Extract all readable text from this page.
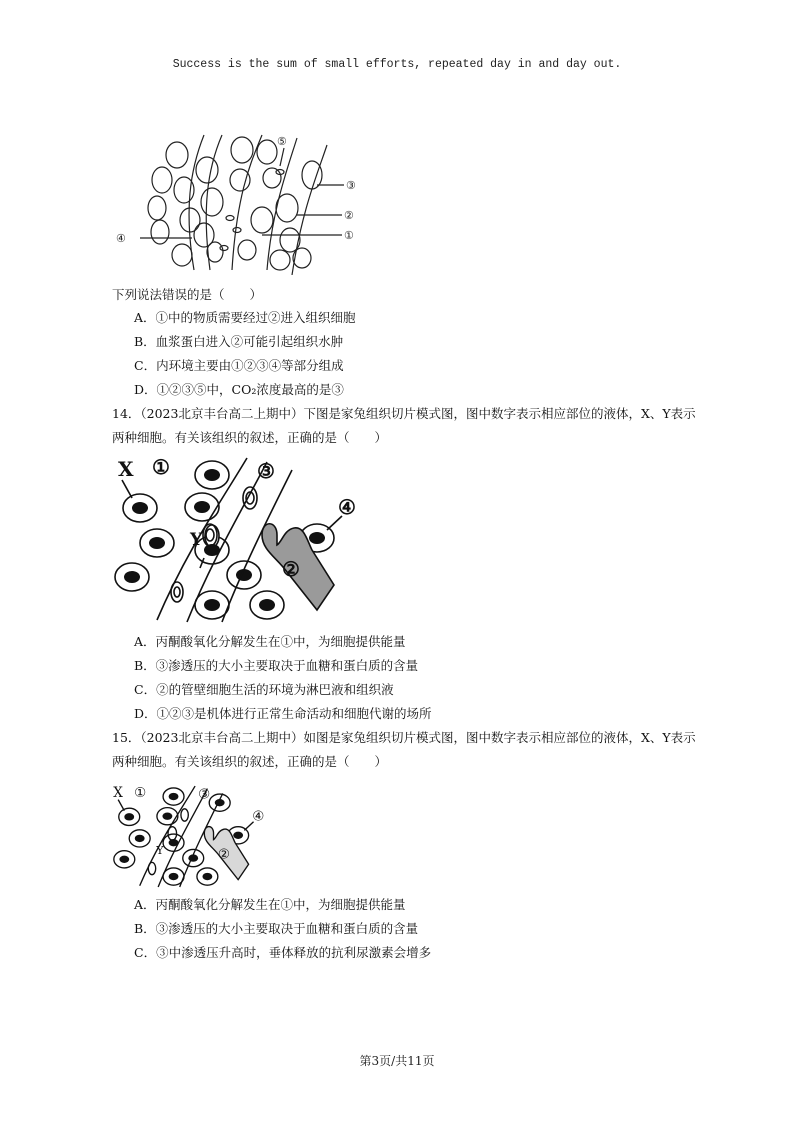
Success is the sum of small efforts, repeated day in and day out.
⑤
③
②
①
④
下列说法错误的是（　　）
A．①中的物质需要经过②进入组织细胞
B．血浆蛋白进入②可能引起组织水肿
C．内环境主要由①②③④等部分组成
D．①②③⑤中，CO₂浓度最高的是③
14．（2023北京丰台高二上期中）下图是家兔组织切片模式图，图中数字表示相应部位的液体，X、Y表示
两种细胞。有关该组织的叙述，正确的是（　　）
X
Y
①
②
③
④
A．丙酮酸氧化分解发生在①中，为细胞提供能量
B．③渗透压的大小主要取决于血糖和蛋白质的含量
C．②的管壁细胞生活的环境为淋巴液和组织液
D．①②③是机体进行正常生命活动和细胞代谢的场所
15．（2023北京丰台高二上期中）如图是家兔组织切片模式图，图中数字表示相应部位的液体，X、Y表示
两种细胞。有关该组织的叙述，正确的是（　　）
X
Y
①
②
③
④
A．丙酮酸氧化分解发生在①中，为细胞提供能量
B．③渗透压的大小主要取决于血糖和蛋白质的含量
C．③中渗透压升高时，垂体释放的抗利尿激素会增多
第3页/共11页
